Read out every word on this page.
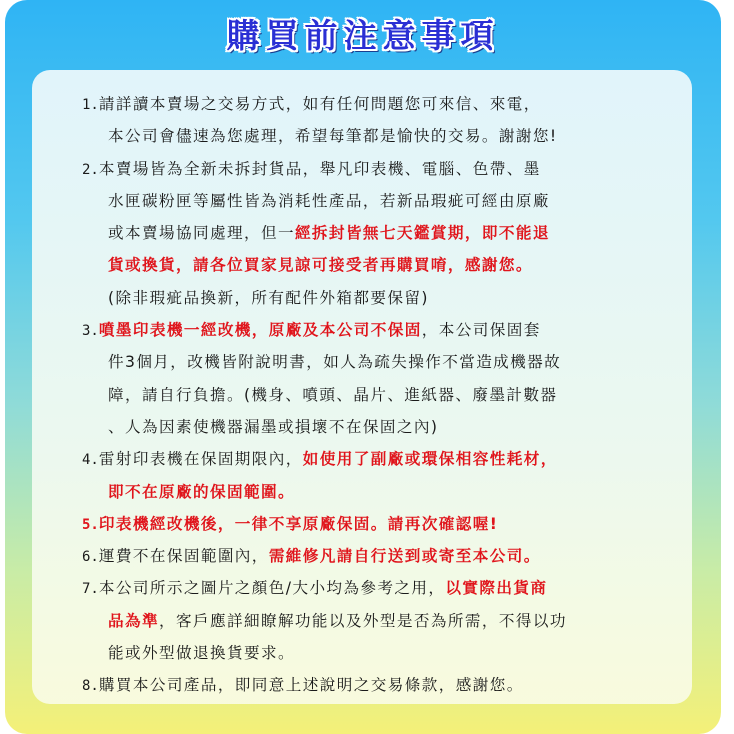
購買前注意事項
1.請詳讀本賣場之交易方式，如有任何問題您可來信、來電，
本公司會儘速為您處理，希望每筆都是愉快的交易。謝謝您!
2.本賣場皆為全新未拆封貨品，舉凡印表機、電腦、色帶、墨
水匣碳粉匣等屬性皆為消耗性產品，若新品瑕疵可經由原廠
或本賣場協同處理，但一經拆封皆無七天鑑賞期，即不能退
貨或換貨，請各位買家見諒可接受者再購買唷，感謝您。
(除非瑕疵品換新，所有配件外箱都要保留)
3.噴墨印表機一經改機，原廠及本公司不保固，本公司保固套
件3個月，改機皆附說明書，如人為疏失操作不當造成機器故
障，請自行負擔。(機身、噴頭、晶片、進紙器、廢墨計數器
、人為因素使機器漏墨或損壞不在保固之內)
4.雷射印表機在保固期限內，如使用了副廠或環保相容性耗材，
即不在原廠的保固範圍。
5.印表機經改機後，一律不享原廠保固。請再次確認喔!
6.運費不在保固範圍內，需維修凡請自行送到或寄至本公司。
7.本公司所示之圖片之顏色/大小均為參考之用，以實際出貨商
品為準，客戶應詳細瞭解功能以及外型是否為所需，不得以功
能或外型做退換貨要求。
8.購買本公司產品，即同意上述說明之交易條款，感謝您。
